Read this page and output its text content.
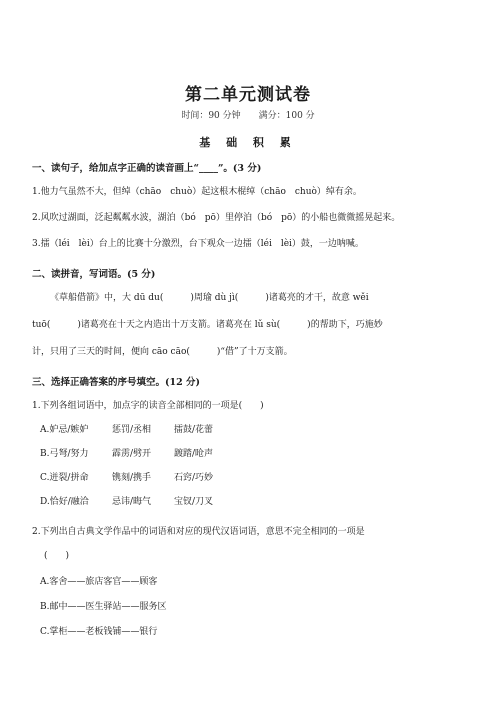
第二单元测试卷
时间：90 分钟 满分：100 分
基 础 积 累
一、读句子，给加点字正确的读音画上“____”。(3 分)
1.他力气虽然不大，但绰（chāo　chuò）起这根木棍绰（chāo　chuò）绰有余。
2.风吹过湖面，泛起粼粼水波，湖泊（bó　pō）里停泊（bó　pō）的小船也微微摇晃起来。
3.擂（léi　lèi）台上的比赛十分激烈，台下观众一边擂（léi　lèi）鼓，一边呐喊。
二、读拼音，写词语。(5 分)
《草船借箭》中，大 dū du(　　　)周瑜 dù jì(　　　)诸葛亮的才干，故意 wěi
tuō(　　　)诸葛亮在十天之内造出十万支箭。诸葛亮在 lǔ sù(　　　)的帮助下，巧施妙
计，只用了三天的时间，便向 cāo cāo(　　　)“借”了十万支箭。
三、选择正确答案的序号填空。(12 分)
1.下列各组词语中，加点字的读音全部相同的一项是(　　)
A.妒忌/嫉妒	惩罚/丞相	擂鼓/花蕾
B.弓弩/努力	霹雳/劈开	踱踏/呛声
C.迸裂/拼命	镌刻/携手	石窍/巧妙
D.恰好/融洽	忌讳/晦气	宝钗/刀叉
2.下列出自古典文学作品中的词语和对应的现代汉语词语，意思不完全相同的一项是
(　　)
A.客舍——旅店客官——顾客
B.邮中——医生驿站——服务区
C.掌柜——老板钱铺——银行
